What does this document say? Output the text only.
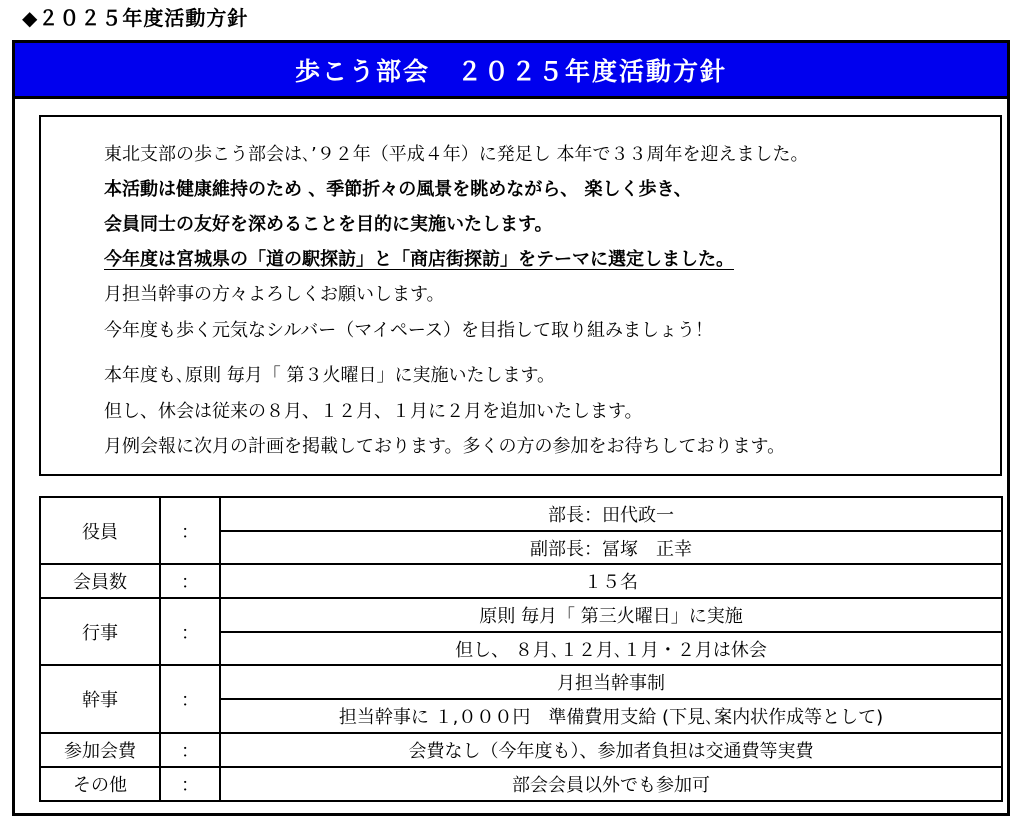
◆２０２５年度活動方針
歩こう部会　２０２５年度活動方針
東北支部の歩こう部会は､’９２年（平成４年）に発足し 本年で３３周年を迎えました。
本活動は健康維持のため 、季節折々の風景を眺めながら、 楽しく歩き、
会員同士の友好を深めることを目的に実施いたします。
今年度は宮城県の「道の駅探訪」と「商店街探訪」をテーマに選定しました。
月担当幹事の方々よろしくお願いします。
今年度も歩く元気なシルバー（マイペース）を目指して取り組みましょう！
本年度も､原則 毎月「 第３火曜日」に実施いたします。
但し、休会は従来の８月、１２月、１月に２月を追加いたします。
月例会報に次月の計画を掲載しております。多くの方の参加をお待ちしております。
役員	：	部長：田代政一
		副部長：冨塚　正幸
会員数	：	１５名
行事	：	原則 毎月「 第三火曜日」に実施
		但し、 ８月､１２月､１月・２月は休会
幹事	：	月担当幹事制
		担当幹事に １,０００円　準備費用支給 (下見､案内状作成等として)
参加会費	：	会費なし（今年度も）、参加者負担は交通費等実費
その他	：	部会会員以外でも参加可
